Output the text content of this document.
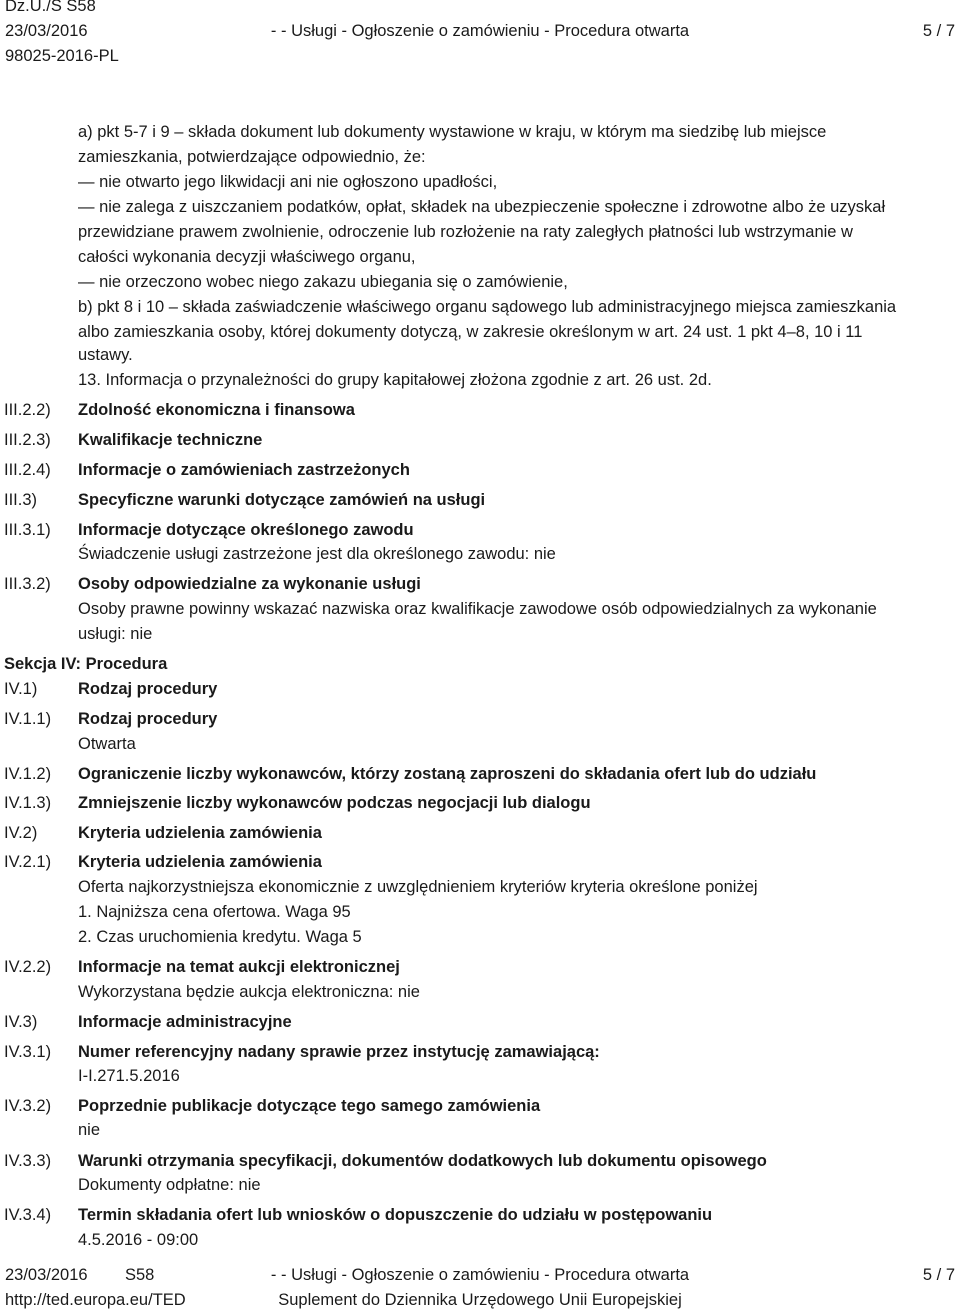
Dz.U./S S58
23/03/2016	- - Usługi - Ogłoszenie o zamówieniu - Procedura otwarta	5 / 7
98025-2016-PL
a) pkt 5-7 i 9 – składa dokument lub dokumenty wystawione w kraju, w którym ma siedzibę lub miejsce
zamieszkania, potwierdzające odpowiednio, że:
— nie otwarto jego likwidacji ani nie ogłoszono upadłości,
— nie zalega z uiszczaniem podatków, opłat, składek na ubezpieczenie społeczne i zdrowotne albo że uzyskał
przewidziane prawem zwolnienie, odroczenie lub rozłożenie na raty zaległych płatności lub wstrzymanie w
całości wykonania decyzji właściwego organu,
— nie orzeczono wobec niego zakazu ubiegania się o zamówienie,
b) pkt 8 i 10 – składa zaświadczenie właściwego organu sądowego lub administracyjnego miejsca zamieszkania
albo zamieszkania osoby, której dokumenty dotyczą, w zakresie określonym w art. 24 ust. 1 pkt 4–8, 10 i 11
ustawy.
13. Informacja o przynależności do grupy kapitałowej złożona zgodnie z art. 26 ust. 2d.
III.2.2) Zdolność ekonomiczna i finansowa
III.2.3) Kwalifikacje techniczne
III.2.4) Informacje o zamówieniach zastrzeżonych
III.3) Specyficzne warunki dotyczące zamówień na usługi
III.3.1) Informacje dotyczące określonego zawodu
Świadczenie usługi zastrzeżone jest dla określonego zawodu: nie
III.3.2) Osoby odpowiedzialne za wykonanie usługi
Osoby prawne powinny wskazać nazwiska oraz kwalifikacje zawodowe osób odpowiedzialnych za wykonanie
usługi: nie
Sekcja IV: Procedura
IV.1) Rodzaj procedury
IV.1.1) Rodzaj procedury
Otwarta
IV.1.2) Ograniczenie liczby wykonawców, którzy zostaną zaproszeni do składania ofert lub do udziału
IV.1.3) Zmniejszenie liczby wykonawców podczas negocjacji lub dialogu
IV.2) Kryteria udzielenia zamówienia
IV.2.1) Kryteria udzielenia zamówienia
Oferta najkorzystniejsza ekonomicznie z uwzględnieniem kryteriów kryteria określone poniżej
1. Najniższa cena ofertowa. Waga 95
2. Czas uruchomienia kredytu. Waga 5
IV.2.2) Informacje na temat aukcji elektronicznej
Wykorzystana będzie aukcja elektroniczna: nie
IV.3) Informacje administracyjne
IV.3.1) Numer referencyjny nadany sprawie przez instytucję zamawiającą:
I-I.271.5.2016
IV.3.2) Poprzednie publikacje dotyczące tego samego zamówienia
nie
IV.3.3) Warunki otrzymania specyfikacji, dokumentów dodatkowych lub dokumentu opisowego
Dokumenty odpłatne: nie
IV.3.4) Termin składania ofert lub wniosków o dopuszczenie do udziału w postępowaniu
4.5.2016 - 09:00
23/03/2016 S58	- - Usługi - Ogłoszenie o zamówieniu - Procedura otwarta	5 / 7
http://ted.europa.eu/TED	Suplement do Dziennika Urzędowego Unii Europejskiej
